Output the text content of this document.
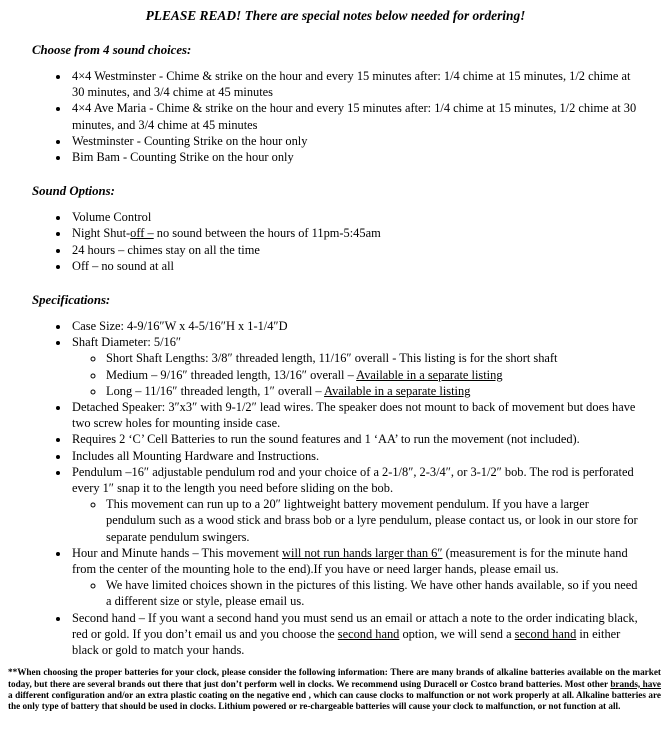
PLEASE READ! There are special notes below needed for ordering!
Choose from 4 sound choices:
• 4×4 Westminster - Chime & strike on the hour and every 15 minutes after: 1/4 chime at 15 minutes, 1/2 chime at 30 minutes, and 3/4 chime at 45 minutes
• 4×4 Ave Maria - Chime & strike on the hour and every 15 minutes after: 1/4 chime at 15 minutes, 1/2 chime at 30 minutes, and 3/4 chime at 45 minutes
• Westminster - Counting Strike on the hour only
• Bim Bam - Counting Strike on the hour only
Sound Options:
• Volume Control
• Night Shut-off – no sound between the hours of 11pm-5:45am
• 24 hours – chimes stay on all the time
• Off – no sound at all
Specifications:
• Case Size: 4-9/16″W x 4-5/16″H x 1-1/4″D
• Shaft Diameter: 5/16″
◦ Short Shaft Lengths: 3/8″ threaded length, 11/16″ overall - This listing is for the short shaft
◦ Medium – 9/16″ threaded length, 13/16″ overall – Available in a separate listing
◦ Long – 11/16″ threaded length, 1″ overall – Available in a separate listing
• Detached Speaker: 3″x3″ with 9-1/2″ lead wires. The speaker does not mount to back of movement but does have two screw holes for mounting inside case.
• Requires 2 ‘C’ Cell Batteries to run the sound features and 1 ‘AA’ to run the movement (not included).
• Includes all Mounting Hardware and Instructions.
• Pendulum –16″ adjustable pendulum rod and your choice of a 2-1/8″, 2-3/4″, or 3-1/2″ bob. The rod is perforated every 1″ snap it to the length you need before sliding on the bob.
◦ This movement can run up to a 20″ lightweight battery movement pendulum. If you have a larger pendulum such as a wood stick and brass bob or a lyre pendulum, please contact us, or look in our store for separate pendulum swingers.
• Hour and Minute hands – This movement will not run hands larger than 6″ (measurement is for the minute hand from the center of the mounting hole to the end).If you have or need larger hands, please email us.
◦ We have limited choices shown in the pictures of this listing. We have other hands available, so if you need a different size or style, please email us.
• Second hand – If you want a second hand you must send us an email or attach a note to the order indicating black, red or gold. If you don’t email us and you choose the second hand option, we will send a second hand in either black or gold to match your hands.
**When choosing the proper batteries for your clock, please consider the following information: There are many brands of alkaline batteries available on the market today, but there are several brands out there that just don’t perform well in clocks. We recommend using Duracell or Costco brand batteries. Most other brands, have a different configuration and/or an extra plastic coating on the negative end , which can cause clocks to malfunction or not work properly at all. Alkaline batteries are the only type of battery that should be used in clocks. Lithium powered or re-chargeable batteries will cause your clock to malfunction, or not function at all.
